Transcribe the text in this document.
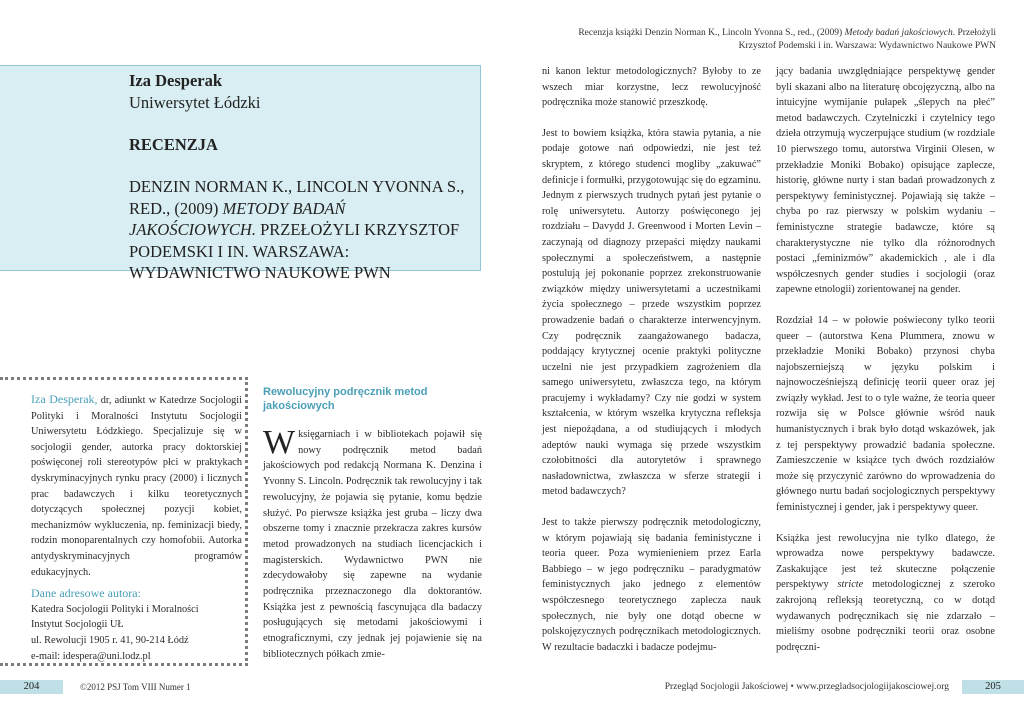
Iza Desperak
Uniwersytet Łódzki
RECENZJA
DENZIN NORMAN K., LINCOLN YVONNA S., RED., (2009) METODY BADAŃ JAKOŚCIOWYCH. PRZEŁOŻYLI KRZYSZTOF PODEMSKI I IN. WARSZAWA: WYDAWNICTWO NAUKOWE PWN
Iza Desperak, dr, adiunkt w Katedrze Socjologii Polityki i Moralności Instytutu Socjologii Uniwersytetu Łódzkiego. Specjalizuje się w socjologii gender, autorka pracy doktorskiej poświęconej roli stereotypów płci w praktykach dyskryminacyjnych rynku pracy (2000) i licznych prac badawczych i kilku teoretycznych dotyczących społecznej pozycji kobiet, mechanizmów wykluczenia, np. feminizacji biedy, rodzin monoparentalnych czy homofobii. Autorka antydyskryminacyjnych programów edukacyjnych.
Dane adresowe autora:
Katedra Socjologii Polityki i Moralności
Instytut Socjologii UŁ
ul. Rewolucji 1905 r. 41, 90-214 Łódź
e-mail: idespera@uni.lodz.pl
Rewolucyjny podręcznik metod jakościowych
W księgarniach i w bibliotekach pojawił się nowy podręcznik metod badań jakościowych pod redakcją Normana K. Denzina i Yvonny S. Lincoln. Podręcznik tak rewolucyjny i tak rewolucyjny, że pojawia się pytanie, komu będzie służyć. Po pierwsze książka jest gruba – liczy dwa obszerne tomy i znacznie przekracza zakres kursów metod prowadzonych na studiach licencjackich i magisterskich. Wydawnictwo PWN nie zdecydowałoby się zapewne na wydanie podręcznika przeznaczonego dla doktorantów. Książka jest z pewnością fascynująca dla badaczy posługujących się metodami jakościowymi i etnograficznymi, czy jednak jej pojawienie się na bibliotecznych półkach zmie-
204	©2012 PSJ Tom VIII Numer 1
Recenzja książki Denzin Norman K., Lincoln Yvonna S., red., (2009) Metody badań jakościowych. Przełożyli
Krzysztof Podemski i in. Warszawa: Wydawnictwo Naukowe PWN

ni kanon lektur metodologicznych? Byłoby to ze wszech miar korzystne, lecz rewolucyjność podręcznika może stanowić przeszkodę.

Jest to bowiem książka, która stawia pytania, a nie podaje gotowe nań odpowiedzi, nie jest też skryptem, z którego studenci mogliby „zakuwać” definicje i formułki, przygotowując się do egzaminu. Jednym z pierwszych trudnych pytań jest pytanie o rolę uniwersytetu. Autorzy poświęconego jej rozdziału – Davydd J. Greenwood i Morten Levin – zaczynają od diagnozy przepaści między naukami społecznymi a społeczeństwem, a następnie postulują jej pokonanie poprzez zrekonstruowanie związków między uniwersytetami a uczestnikami życia społecznego – przede wszystkim poprzez prowadzenie badań o charakterze interwencyjnym. Czy podręcznik zaangażowanego badacza, poddający krytycznej ocenie praktyki polityczne uczelni nie jest przypadkiem zagrożeniem dla samego uniwersytetu, zwłaszcza tego, na którym pracujemy i wykładamy? Czy nie godzi w system kształcenia, w którym wszelka krytyczna refleksja jest niepożądana, a od studiujących i młodych adeptów nauki wymaga się przede wszystkim czołobitności dla autorytetów i sprawnego nasładownictwa, zwłaszcza w sferze strategii i metod badawczych?

Jest to także pierwszy podręcznik metodologiczny, w którym pojawiają się badania feministyczne i teoria queer. Poza wymienieniem przez Earla Babbiego – w jego podręczniku – paradygmatów feministycznych jako jednego z elementów współczesnego teoretycznego zaplecza nauk społecznych, nie były one dotąd obecne w polskojęzycznych podręcznikach metodologicznych. W rezultacie badaczki i badacze podejmu-

jący badania uwzględniające perspektywę gender byli skazani albo na literaturę obcojęzyczną, albo na intuicyjne wymijanie pułapek „ślepych na płeć” metod badawczych. Czytelniczki i czytelnicy tego dzieła otrzymują wyczerpujące studium (w rozdziale 10 pierwszego tomu, autorstwa Virginii Olesen, w przekładzie Moniki Bobako) opisujące zaplecze, historię, główne nurty i stan badań prowadzonych z perspektywy feministycznej. Pojawiają się także – chyba po raz pierwszy w polskim wydaniu – feministyczne strategie badawcze, które są charakterystyczne nie tylko dla różnorodnych postaci „feminizmów” akademickich , ale i dla współczesnych gender studies i socjologii (oraz zapewne etnologii) zorientowanej na gender.

Rozdział 14 – w połowie poświecony tylko teorii queer – (autorstwa Kena Plummera, znowu w przekładzie Moniki Bobako) przynosi chyba najobszerniejszą w języku polskim i najnowocześniejszą definicję teorii queer oraz jej związły wykład. Jest to o tyle ważne, że teoria queer rozwija się w Polsce głównie wśród nauk humanistycznych i brak było dotąd wskazówek, jak z tej perspektywy prowadzić badania społeczne. Zamieszczenie w książce tych dwóch rozdziałów może się przyczynić zarówno do wprowadzenia do głównego nurtu badań socjologicznych perspektywy feministycznej i gender, jak i perspektywy queer.

Książka jest rewolucyjna nie tylko dlatego, że wprowadza nowe perspektywy badawcze. Zaskakujące jest też skuteczne połączenie perspektywy stricte metodologicznej z szeroko zakrojoną refleksją teoretyczną, co w dotąd wydawanych podręcznikach się nie zdarzało – mieliśmy osobne podręczniki teorii oraz osobne podręczni-

Przegląd Socjologii Jakościowej • www.przegladsocjologiijakosciowej.org	205
